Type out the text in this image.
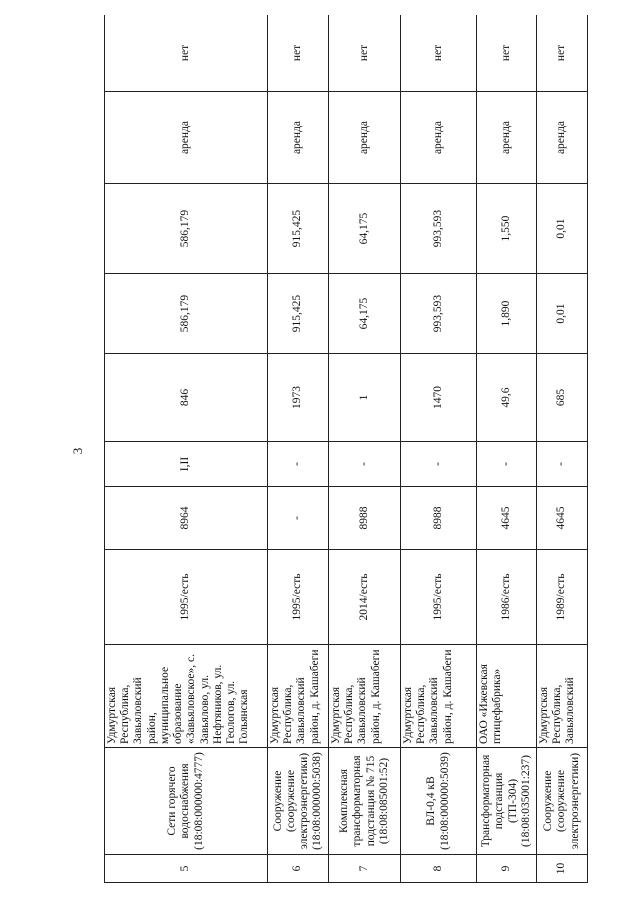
3
5	Сети горячего водоснабжения (18:08:000000:4777)	Удмуртская Республика, Завьяловский район, муниципальное образование «Завьяловское», с. Завьялово, ул. Нефтяников, ул. Геологов, ул. Гольянская	1995/есть	8964	I,II	846	586,179	586,179	аренда	нет
6	Сооружение (сооружение электроэнергетики) (18:08:000000:5038)	Удмуртская Республика, Завьяловский район, д. Кашабеги	1995/есть	-	-	1973	915,425	915,425	аренда	нет
7	Комплексная трансформаторная подстанция № 715 (18:08:085001:52)	Удмуртская Республика, Завьяловский район, д. Кашабеги	2014/есть	8988	-	1	64,175	64,175	аренда	нет
8	ВЛ-0,4 кВ (18:08:000000:5039)	Удмуртская Республика, Завьяловский район, д. Кашабеги	1995/есть	8988	-	1470	993,593	993,593	аренда	нет
9	Трансформаторная подстанция (ТП-304) (18:08:035001:237)	ОАО «Ижевская птицефабрика»	1986/есть	4645	-	49,6	1,890	1,550	аренда	нет
10	Сооружение (сооружение электроэнергетики)	Удмуртская Республика, Завьяловский	1989/есть	4645	-	685	0,01	0,01	аренда	нет
